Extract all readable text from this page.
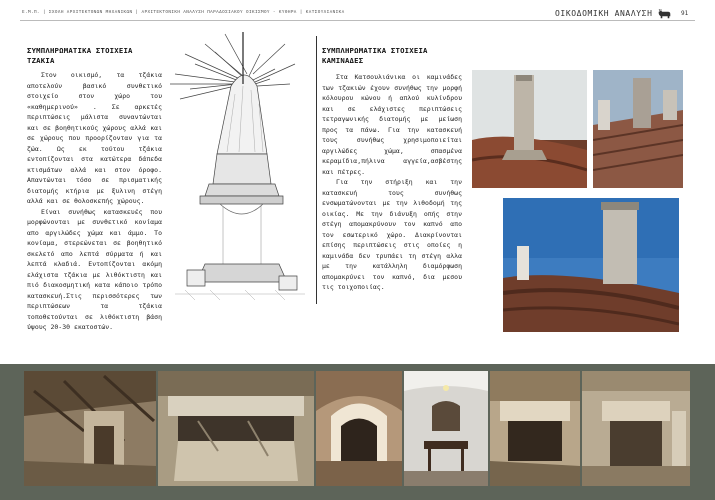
Ε.Μ.Π. | ΣΧΟΛΗ ΑΡΧΙΤΕΚΤΟΝΩΝ ΜΗΧΑΝΙΚΩΝ | ΑΡΧΙΤΕΚΤΟΝΙΚΗ ΑΝΑΛΥΣΗ ΠΑΡΑΔΟΣΙΑΚΟΥ ΟΙΚΙΣΜΟΥ - ΚΥΘΗΡΑ | ΚΑΤΣΟΥΛΙΑΝΙΚΑ	ΟΙΚΟΔΟΜΙΚΗ ΑΝΑΛΥΣΗ	91
ΣΥΜΠΛΗΡΩΜΑΤΙΚΑ ΣΤΟΙΧΕΙΑ
ΤΖΑΚΙΑ

Στον οικισμό, τα τζάκια αποτελούν βασικό συνθετικό στοιχείο στον χώρο του «καθημερινού» . Σε αρκετές περιπτώσεις μάλιστα συναντώνται και σε βοηθητικούς χώρους αλλά και σε χώρους που προορίζονταν για τα ζώα. Ως εκ τούτου τζάκια εντοπίζονται στα κατώτερα δάπεδα κτισμάτων αλλά και στον όροφο. Απαντώνται τόσο σε πρισματικής διατομής κτήρια με ξυλινη στέγη αλλά και σε θολοσκεπής χώρους.

Είναι συνήθως κατασκευές που μορφώνονται με συνθετικό κονίαμα απο αργιλώδες χώμα και άμμο. Το κονίαμα, στερεώνεται σε βοηθητικό σκελετό απο λεπτά σύρματα ή και λεπτά κλαδιά. Εντοπίζονται ακόμη ελάχιστα τζάκια με λιθόκτιστη και πιό διακοσμητική κατα κάποιο τρόπο κατασκευή.Στις περισσότερες των περιπτώσεων τα τζάκια τοποθετούνται σε λιθόκτιστη βάση ύψους 20-30 εκατοστών.

ΣΥΜΠΛΗΡΩΜΑΤΙΚΑ ΣΤΟΙΧΕΙΑ
ΚΑΜΙΝΑΔΕΣ

Στα Κατσουλιάνικα οι καμινάδες των τζακιών έχουν συνήθως την μορφή κόλουρου κώνου ή απλού κυλίνδρου και σε ελάχιστες περιπτώσεις τετραγωνικής διατομής με μείωση προς τα πάνω. Για την κατασκευή τους συνήθως χρησιμοποιείται αργιλώδες χώμα, σπασμένα κεραμίδια,πήλινα αγγεία,ασβέστης και πέτρες.

Για την στήριξη και την κατασκευή τους συνήθως ενσωματώνονται με την λιθοδομή της οικίας. Με την διάνυξη οπής στην στέγη απομακρύνουν τον καπνό απο τον εσωτερικό χώρο. Διακρίνονται επίσης περιπτώσεις στις οποίες η καμινάδα δεν τρυπάει τη στέγη αλλα με την κατάλληλη διαμόρφωση απομακρύνει τον καπνό, δια μεσου τις τοιχοποιίας.
